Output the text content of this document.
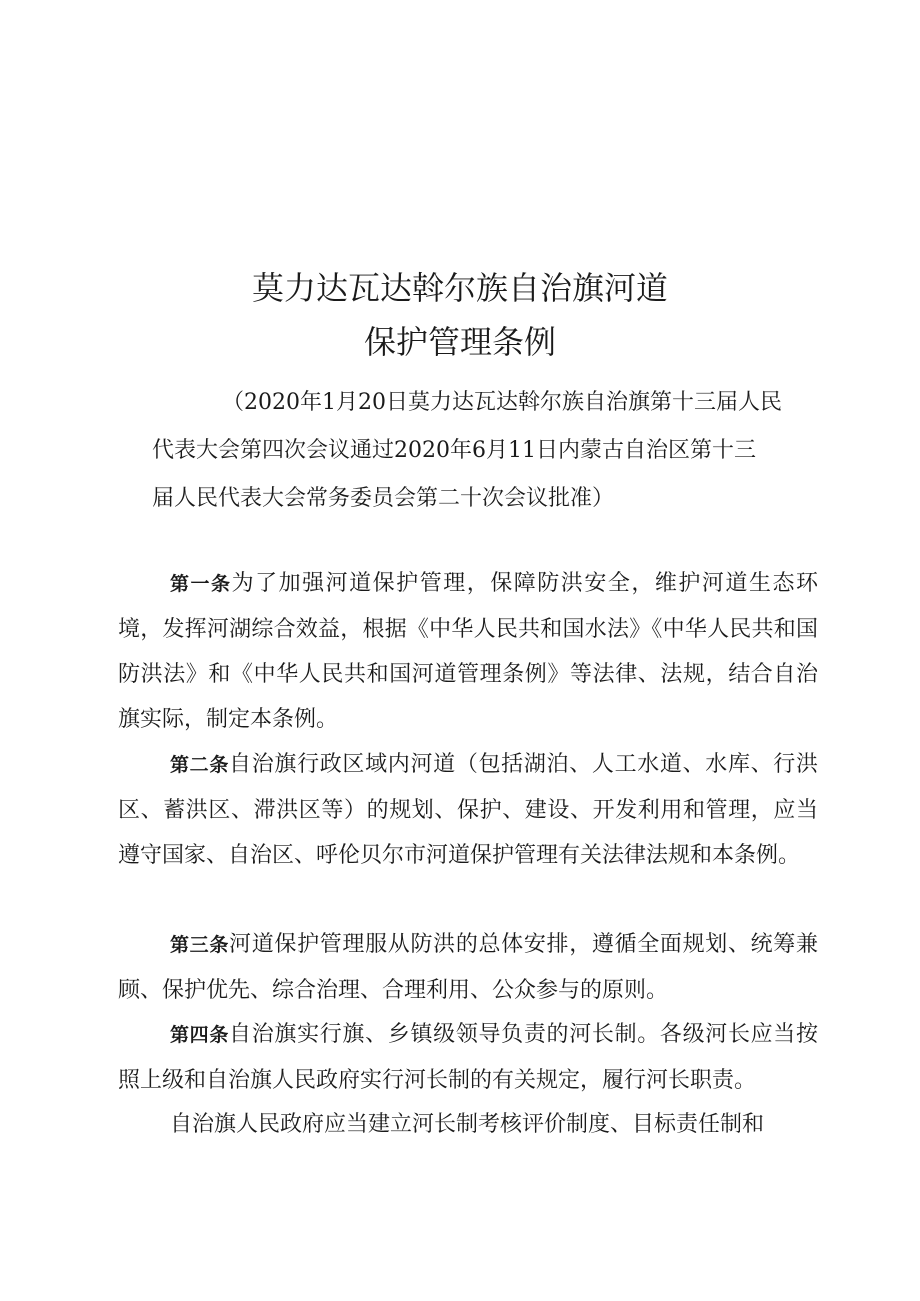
莫力达瓦达斡尔族自治旗河道
保护管理条例
（2020年1月20日莫力达瓦达斡尔族自治旗第十三届人民
代表大会第四次会议通过2020年6月11日内蒙古自治区第十三
届人民代表大会常务委员会第二十次会议批准）
第一条为了加强河道保护管理，保障防洪安全，维护河道生态环境，发挥河湖综合效益，根据《中华人民共和国水法》《中华人民共和国防洪法》和《中华人民共和国河道管理条例》等法律、法规，结合自治旗实际，制定本条例。
第二条自治旗行政区域内河道（包括湖泊、人工水道、水库、行洪区、蓄洪区、滞洪区等）的规划、保护、建设、开发利用和管理，应当遵守国家、自治区、呼伦贝尔市河道保护管理有关法律法规和本条例。
第三条河道保护管理服从防洪的总体安排，遵循全面规划、统筹兼顾、保护优先、综合治理、合理利用、公众参与的原则。
第四条自治旗实行旗、乡镇级领导负责的河长制。各级河长应当按照上级和自治旗人民政府实行河长制的有关规定，履行河长职责。
自治旗人民政府应当建立河长制考核评价制度、目标责任制和
